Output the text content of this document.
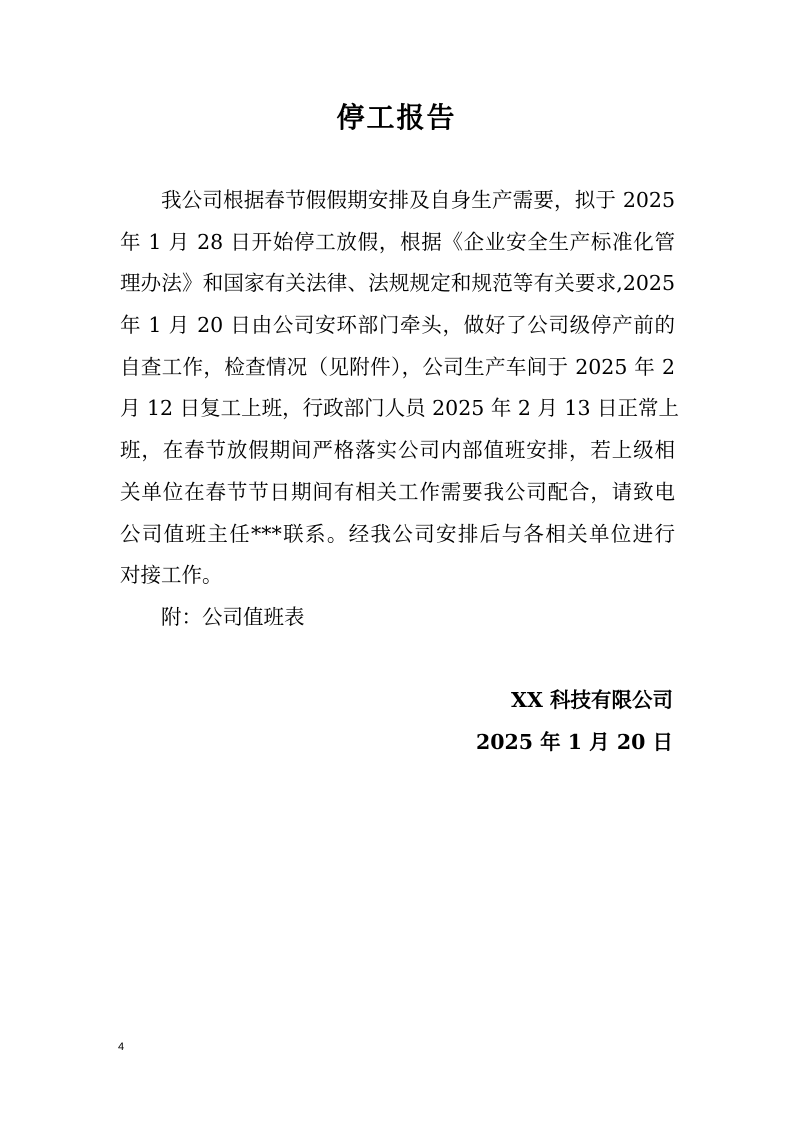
停工报告
我公司根据春节假假期安排及自身生产需要，拟于 2025
年 1 月 28 日开始停工放假，根据《企业安全生产标准化管
理办法》和国家有关法律、法规规定和规范等有关要求,2025
年 1 月 20 日由公司安环部门牵头，做好了公司级停产前的
自查工作，检查情况（见附件），公司生产车间于 2025 年 2
月 12 日复工上班，行政部门人员 2025 年 2 月 13 日正常上
班，在春节放假期间严格落实公司内部值班安排，若上级相
关单位在春节节日期间有相关工作需要我公司配合，请致电
公司值班主任***联系。经我公司安排后与各相关单位进行
对接工作。
附：公司值班表
XX 科技有限公司
2025 年 1 月 20 日
4
